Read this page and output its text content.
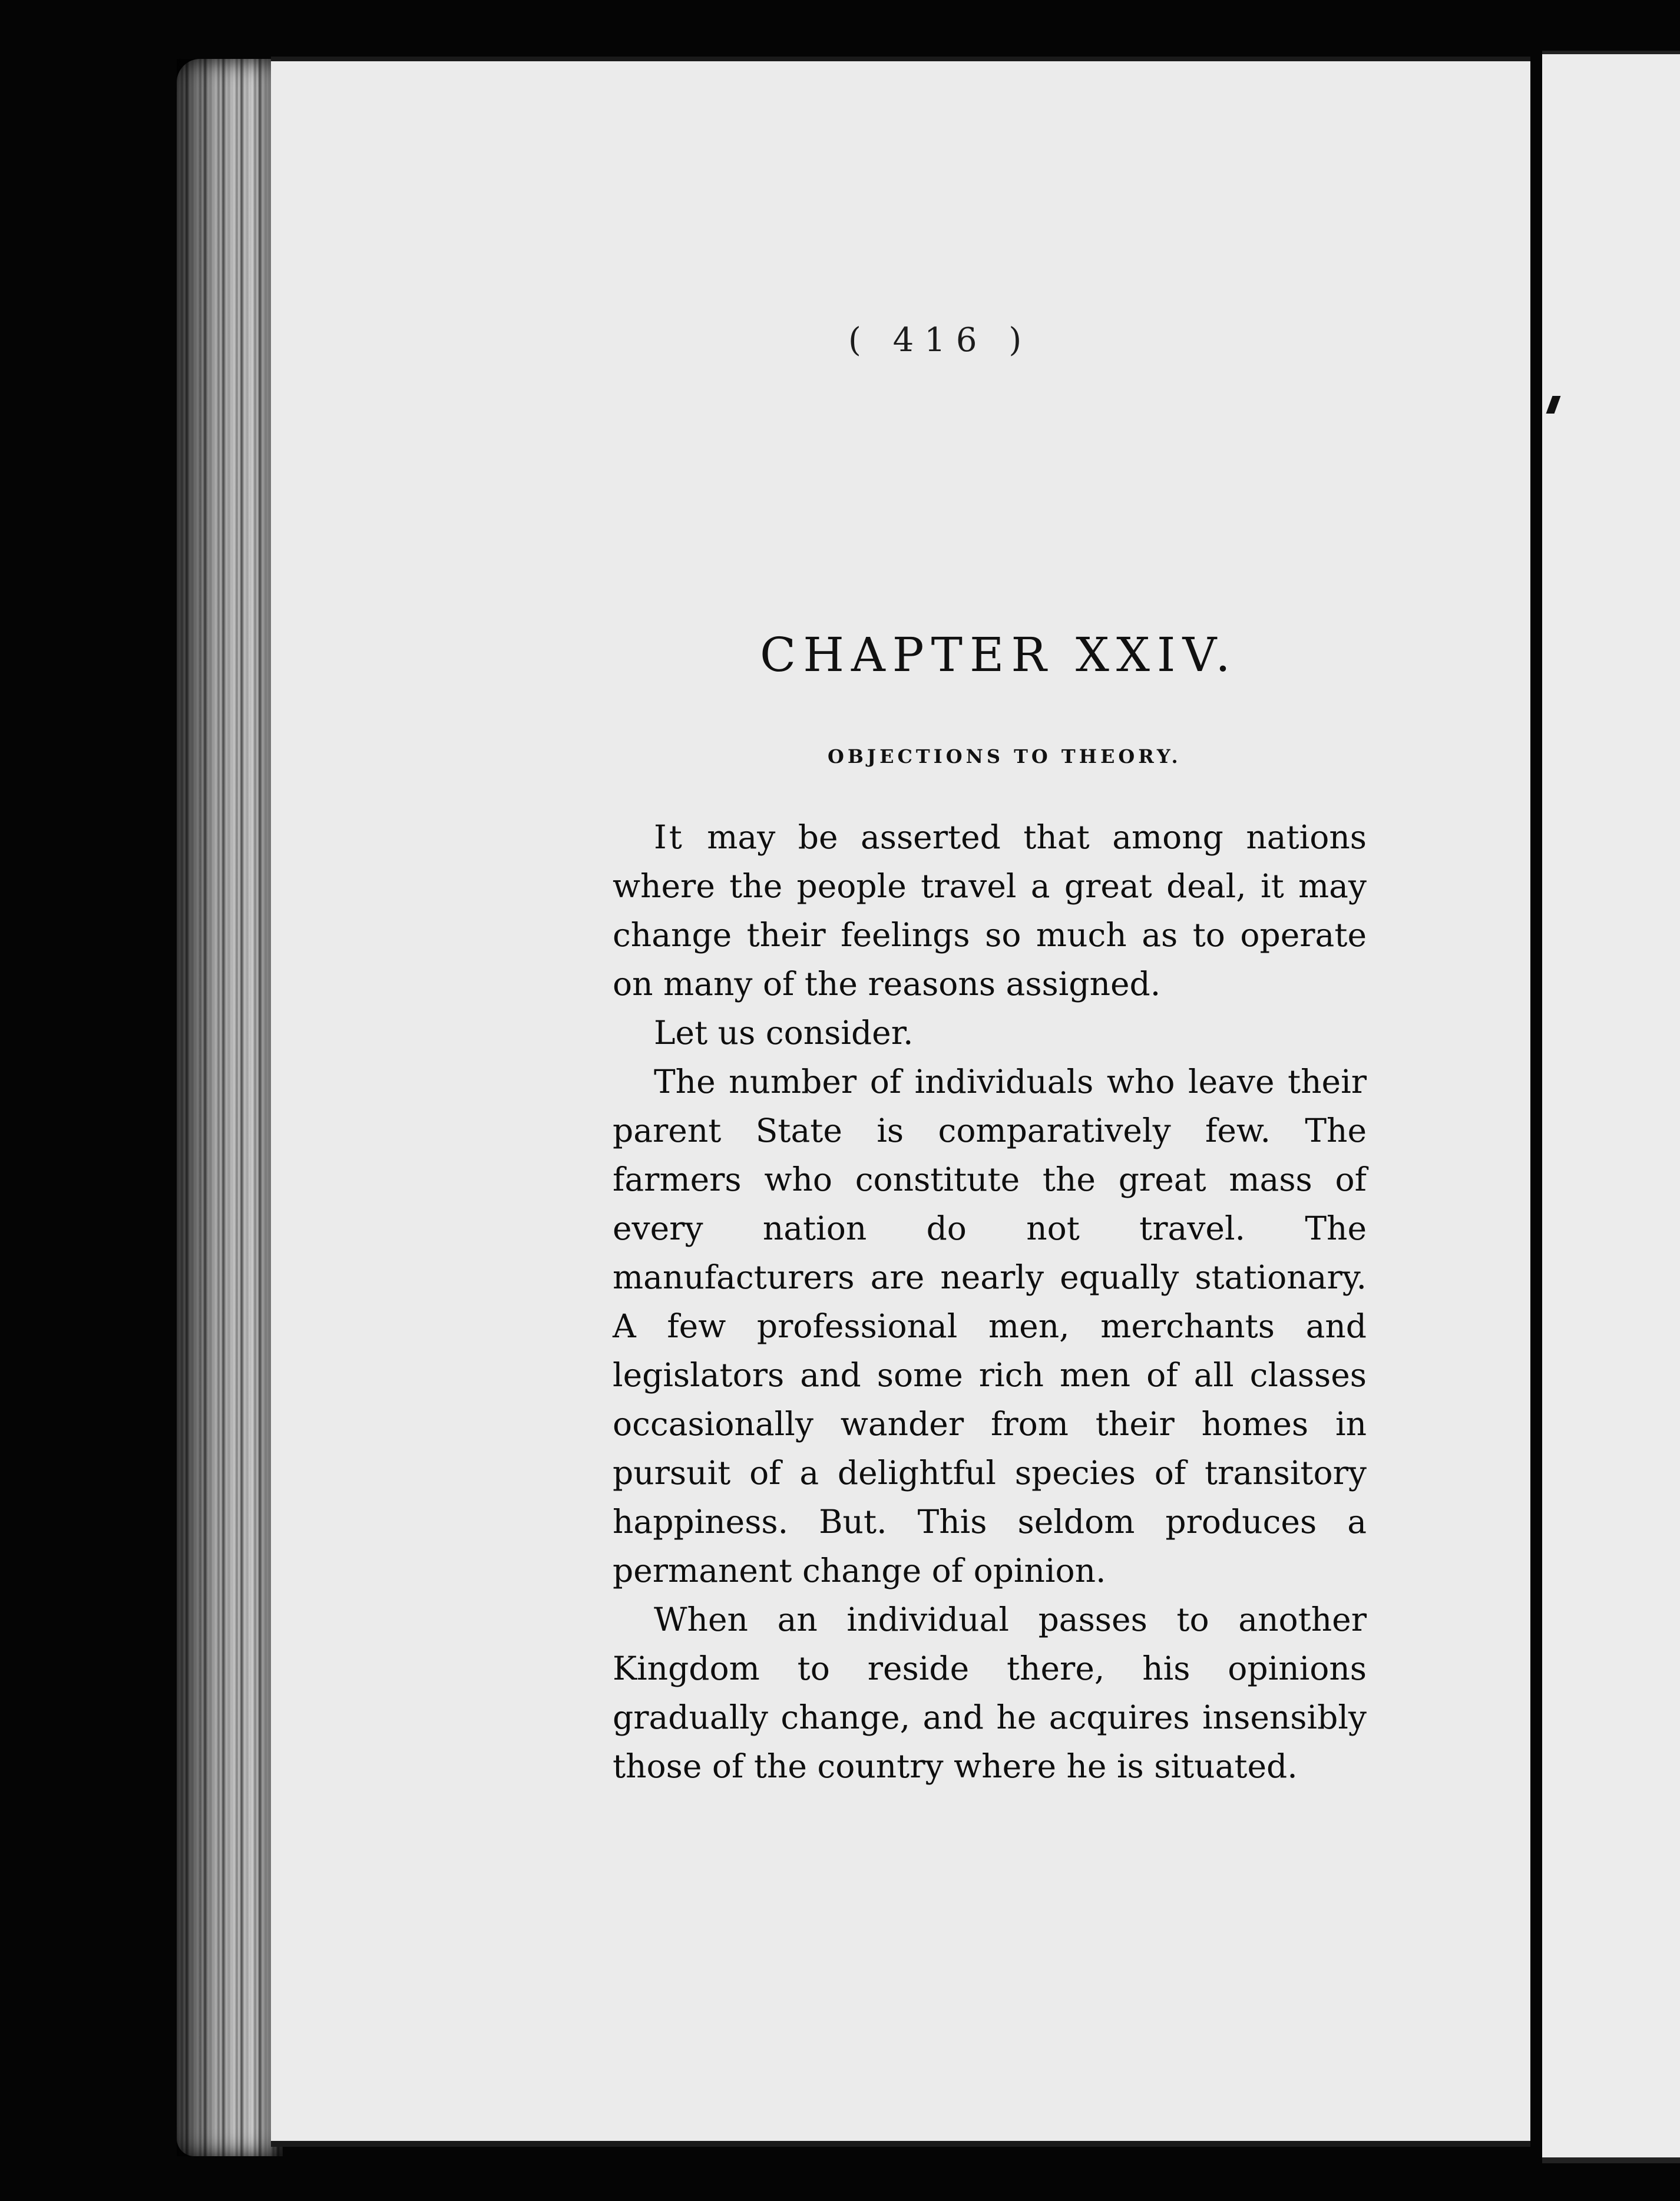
( 416 )
CHAPTER XXIV.
OBJECTIONS TO THEORY.

It may be asserted that among nations where the people travel a great deal, it may change their feelings so much as to operate on many of the reasons assigned.

Let us consider.

The number of individuals who leave their parent State is comparatively few. The farmers who constitute the great mass of every nation do not travel. The manufacturers are nearly equally stationary. A few professional men, merchants and legislators and some rich men of all classes occasionally wander from their homes in pursuit of a delightful species of transitory happiness. But. This seldom produces a permanent change of opinion.

When an individual passes to another Kingdom to reside there, his opinions gradually change, and he acquires insensibly those of the country where he is situated.
